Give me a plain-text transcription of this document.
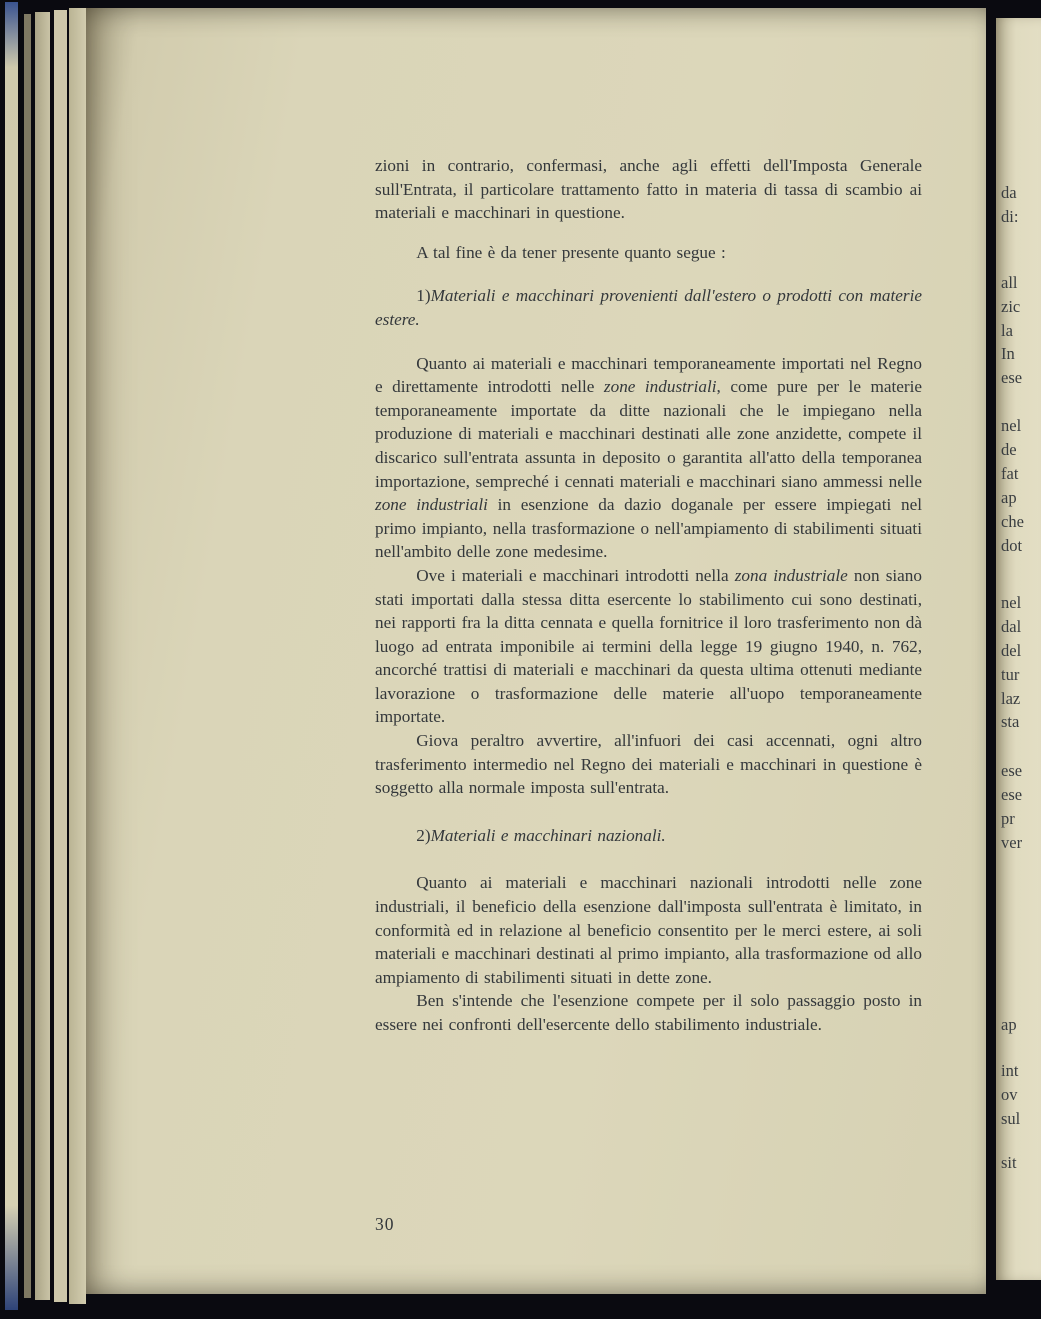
zioni in contrario, confermasi, anche agli effetti dell'Imposta Generale sull'Entrata, il particolare trattamento fatto in materia di tassa di scambio ai materiali e macchinari in questione.

A tal fine è da tener presente quanto segue :

1)Materiali e macchinari provenienti dall'estero o prodotti con materie estere.

Quanto ai materiali e macchinari temporaneamente importati nel Regno e direttamente introdotti nelle zone industriali, come pure per le materie temporaneamente importate da ditte nazionali che le impiegano nella produzione di materiali e macchinari destinati alle zone anzidette, compete il discarico sull'entrata assunta in deposito o garantita all'atto della temporanea importazione, sempreché i cennati materiali e macchinari siano ammessi nelle zone industriali in esenzione da dazio doganale per essere impiegati nel primo impianto, nella trasformazione o nell'ampiamento di stabilimenti situati nell'ambito delle zone medesime.

Ove i materiali e macchinari introdotti nella zona industriale non siano stati importati dalla stessa ditta esercente lo stabilimento cui sono destinati, nei rapporti fra la ditta cennata e quella fornitrice il loro trasferimento non dà luogo ad entrata imponibile ai termini della legge 19 giugno 1940, n. 762, ancorché trattisi di materiali e macchinari da questa ultima ottenuti mediante lavorazione o trasformazione delle materie all'uopo temporaneamente importate.

Giova peraltro avvertire, all'infuori dei casi accennati, ogni altro trasferimento intermedio nel Regno dei materiali e macchinari in questione è soggetto alla normale imposta sull'entrata.

2)Materiali e macchinari nazionali.

Quanto ai materiali e macchinari nazionali introdotti nelle zone industriali, il beneficio della esenzione dall'imposta sull'entrata è limitato, in conformità ed in relazione al beneficio consentito per le merci estere, ai soli materiali e macchinari destinati al primo impianto, alla trasformazione od allo ampiamento di stabilimenti situati in dette zone.

Ben s'intende che l'esenzione compete per il solo passaggio posto in essere nei confronti dell'esercente dello stabilimento industriale.

30
da
di:
all
zic
la
In
ese
nel
de
fat
ap
che
dot
nel
dal
del
tur
laz
sta
ese
ese
pr
ver
ap
int
ov
sul
sit
